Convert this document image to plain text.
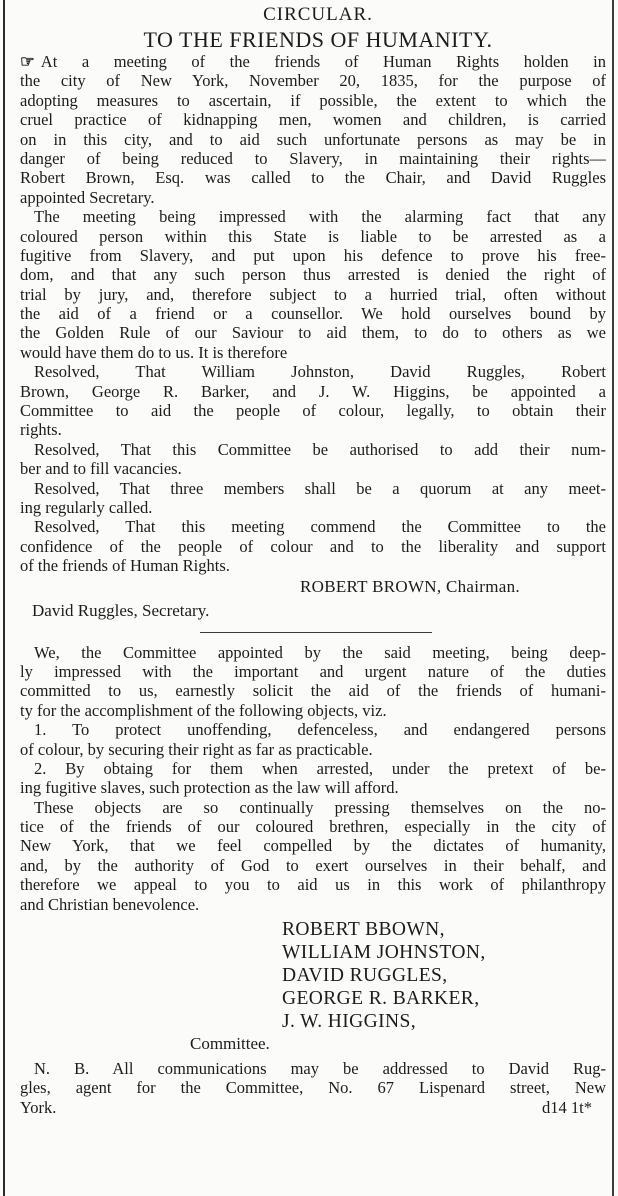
CIRCULAR.
TO THE FRIENDS OF HUMANITY.
☞ At a meeting of the friends of Human Rights holden in
the city of New York, November 20, 1835, for the purpose of
adopting measures to ascertain, if possible, the extent to which the
cruel practice of kidnapping men, women and children, is carried
on in this city, and to aid such unfortunate persons as may be in
danger of being reduced to Slavery, in maintaining their rights—
Robert Brown, Esq. was called to the Chair, and David Ruggles
appointed Secretary.
The meeting being impressed with the alarming fact that any
coloured person within this State is liable to be arrested as a
fugitive from Slavery, and put upon his defence to prove his free-
dom, and that any such person thus arrested is denied the right of
trial by jury, and, therefore subject to a hurried trial, often without
the aid of a friend or a counsellor. We hold ourselves bound by
the Golden Rule of our Saviour to aid them, to do to others as we
would have them do to us. It is therefore
Resolved, That William Johnston, David Ruggles, Robert
Brown, George R. Barker, and J. W. Higgins, be appointed a
Committee to aid the people of colour, legally, to obtain their
rights.
Resolved, That this Committee be authorised to add their num-
ber and to fill vacancies.
Resolved, That three members shall be a quorum at any meet-
ing regularly called.
Resolved, That this meeting commend the Committee to the
confidence of the people of colour and to the liberality and support
of the friends of Human Rights.
ROBERT BROWN, Chairman.
David Ruggles, Secretary.
We, the Committee appointed by the said meeting, being deep-
ly impressed with the important and urgent nature of the duties
committed to us, earnestly solicit the aid of the friends of humani-
ty for the accomplishment of the following objects, viz.
1. To protect unoffending, defenceless, and endangered persons
of colour, by securing their right as far as practicable.
2. By obtaing for them when arrested, under the pretext of be-
ing fugitive slaves, such protection as the law will afford.
These objects are so continually pressing themselves on the no-
tice of the friends of our coloured brethren, especially in the city of
New York, that we feel compelled by the dictates of humanity,
and, by the authority of God to exert ourselves in their behalf, and
therefore we appeal to you to aid us in this work of philanthropy
and Christian benevolence.
ROBERT BBOWN,
WILLIAM JOHNSTON,
DAVID RUGGLES,
GEORGE R. BARKER,
J. W. HIGGINS,
Committee.
N. B. All communications may be addressed to David Rug-
gles, agent for the Committee, No. 67 Lispenard street, New
York.	d14 1t*
